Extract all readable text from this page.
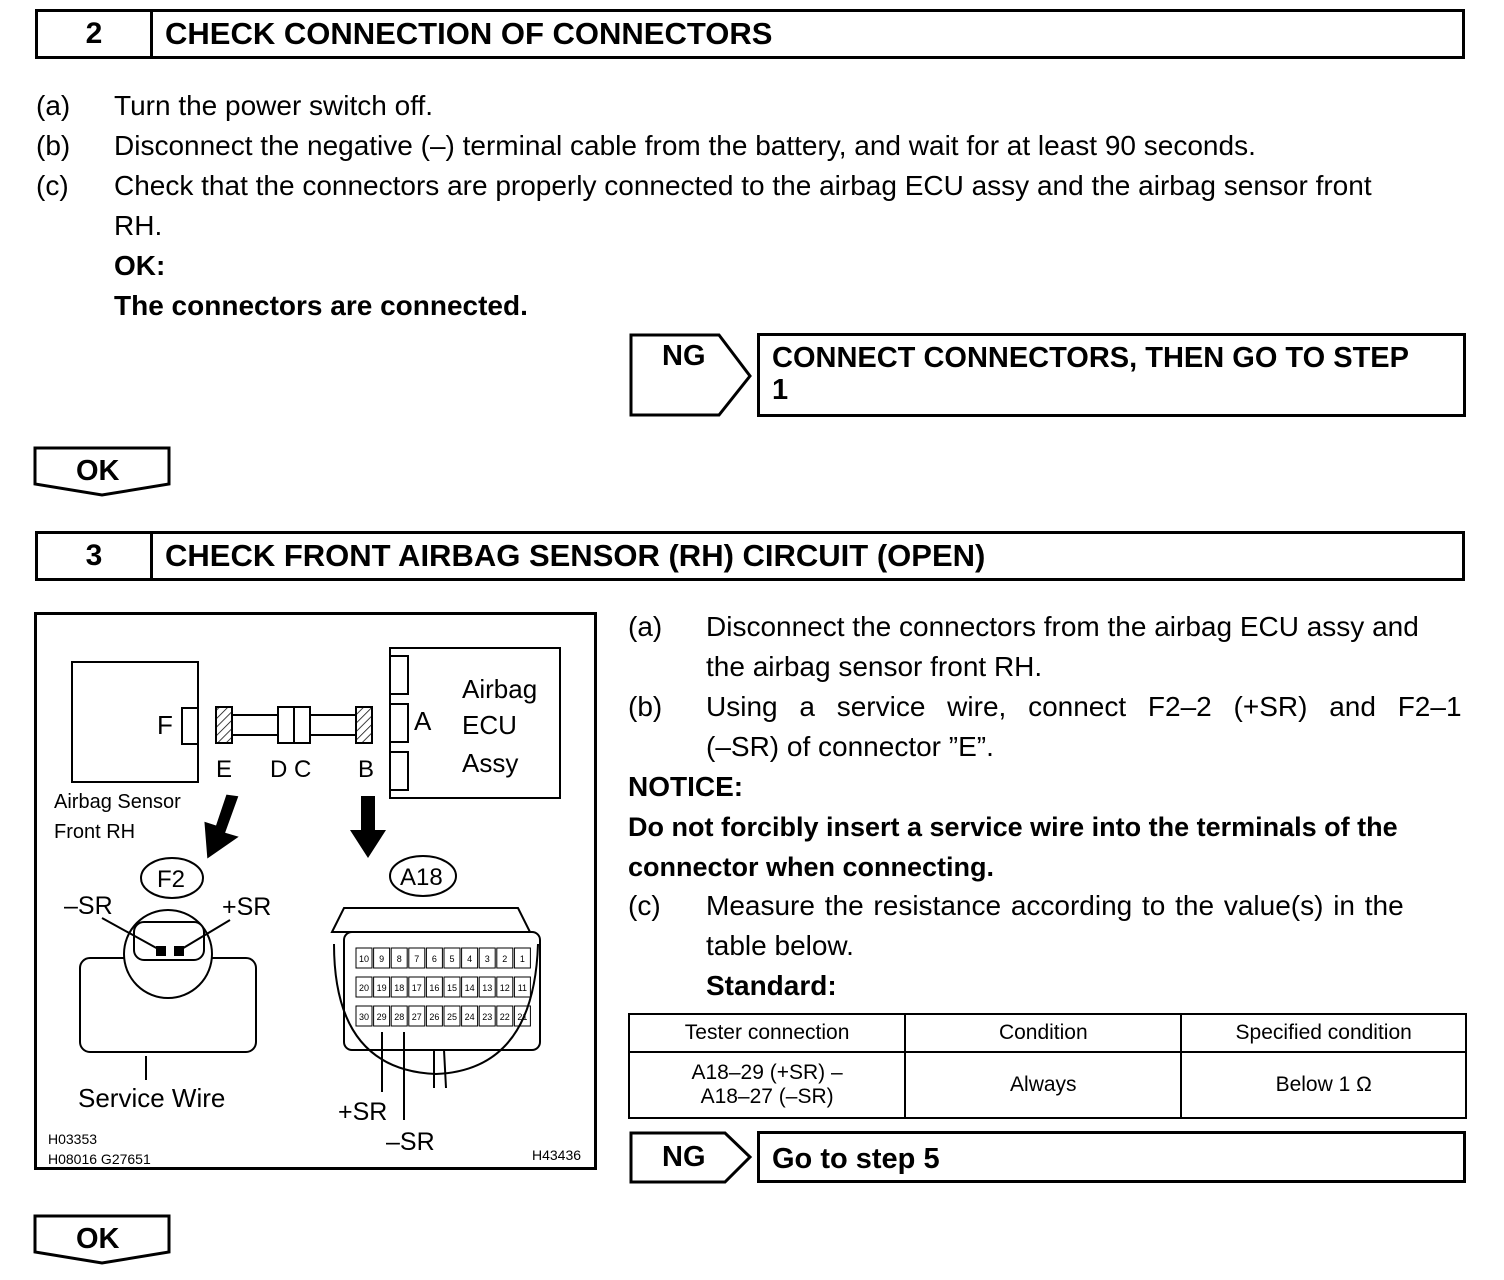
2	CHECK CONNECTION OF CONNECTORS
(a) Turn the power switch off.
(b) Disconnect the negative (–) terminal cable from the battery, and wait for at least 90 seconds.
(c) Check that the connectors are properly connected to the airbag ECU assy and the airbag sensor front
RH.
OK:
The connectors are connected.
NG CONNECT CONNECTORS, THEN GO TO STEP
1
OK
3	CHECK FRONT AIRBAG SENSOR (RH) CIRCUIT (OPEN)
F
E D C B
A
Airbag
ECU
Assy
Airbag Sensor
Front RH
F2	A18
–SR	+SR
Service Wire
10 9 8 7 6 5 4 3 2 1
20 19 18 17 16 15 14 13 12 11
30 29 28 27 26 25 24 23 22 21
+SR
–SR
H03353
H08016 G27651	H43436
(a) Disconnect the connectors from the airbag ECU assy and
the airbag sensor front RH.
(b) Using a service wire, connect F2–2 (+SR) and F2–1
(–SR) of connector ”E”.
NOTICE:
Do not forcibly insert a service wire into the terminals of the
connector when connecting.
(c) Measure the resistance according to the value(s) in the
table below.
Standard:
Tester connection	Condition	Specified condition

A18–29 (+SR) –
A18–27 (–SR)	Always	Below 1 Ω
NG	Go to step 5
OK
